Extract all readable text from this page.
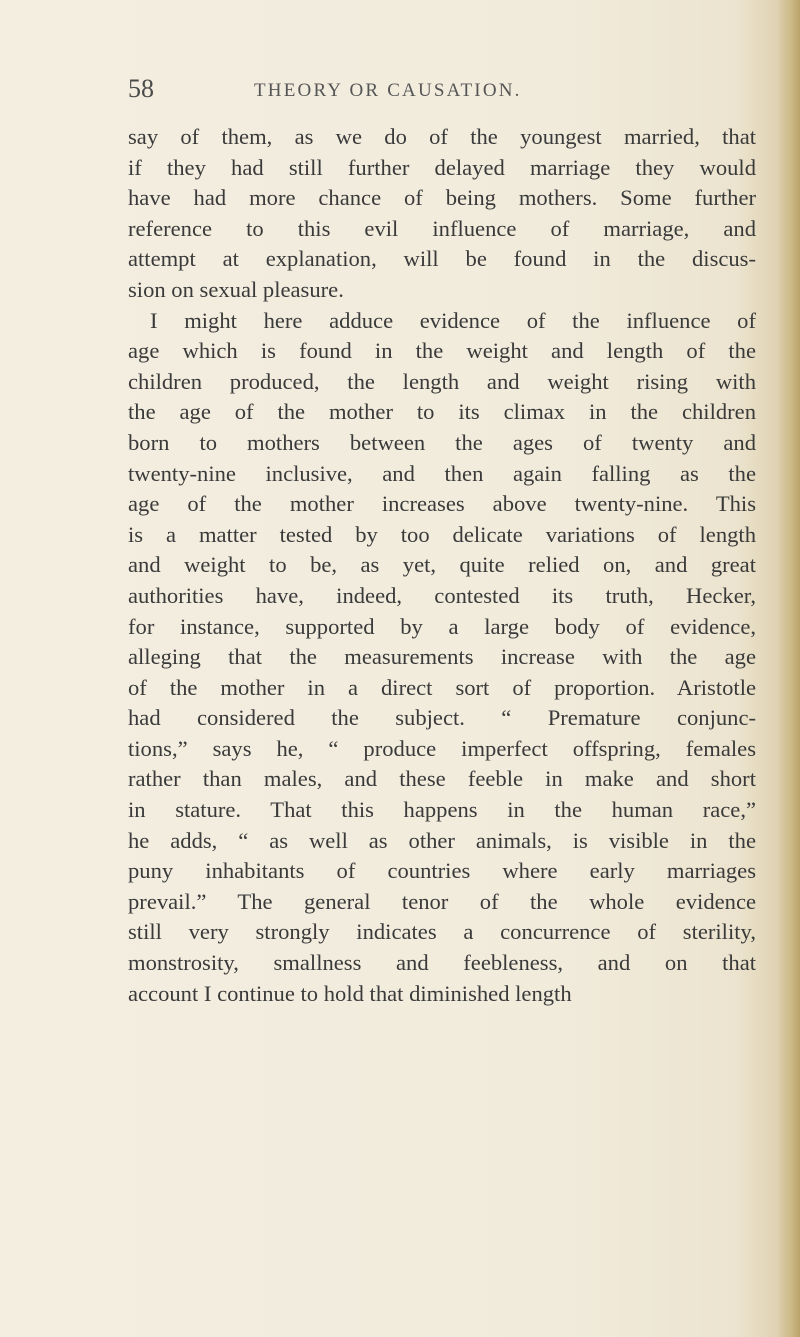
58	THEORY OR CAUSATION.
say of them, as we do of the youngest married, that
if they had still further delayed marriage they would
have had more chance of being mothers. Some further
reference to this evil influence of marriage, and
attempt at explanation, will be found in the discus-
sion on sexual pleasure.
I might here adduce evidence of the influence of
age which is found in the weight and length of the
children produced, the length and weight rising with
the age of the mother to its climax in the children
born to mothers between the ages of twenty and
twenty-nine inclusive, and then again falling as the
age of the mother increases above twenty-nine. This
is a matter tested by too delicate variations of length
and weight to be, as yet, quite relied on, and great
authorities have, indeed, contested its truth, Hecker,
for instance, supported by a large body of evidence,
alleging that the measurements increase with the age
of the mother in a direct sort of proportion. Aristotle
had considered the subject. “ Premature conjunc-
tions,” says he, “ produce imperfect offspring, females
rather than males, and these feeble in make and short
in stature. That this happens in the human race,”
he adds, “ as well as other animals, is visible in the
puny inhabitants of countries where early marriages
prevail.” The general tenor of the whole evidence
still very strongly indicates a concurrence of sterility,
monstrosity, smallness and feebleness, and on that
account I continue to hold that diminished length
